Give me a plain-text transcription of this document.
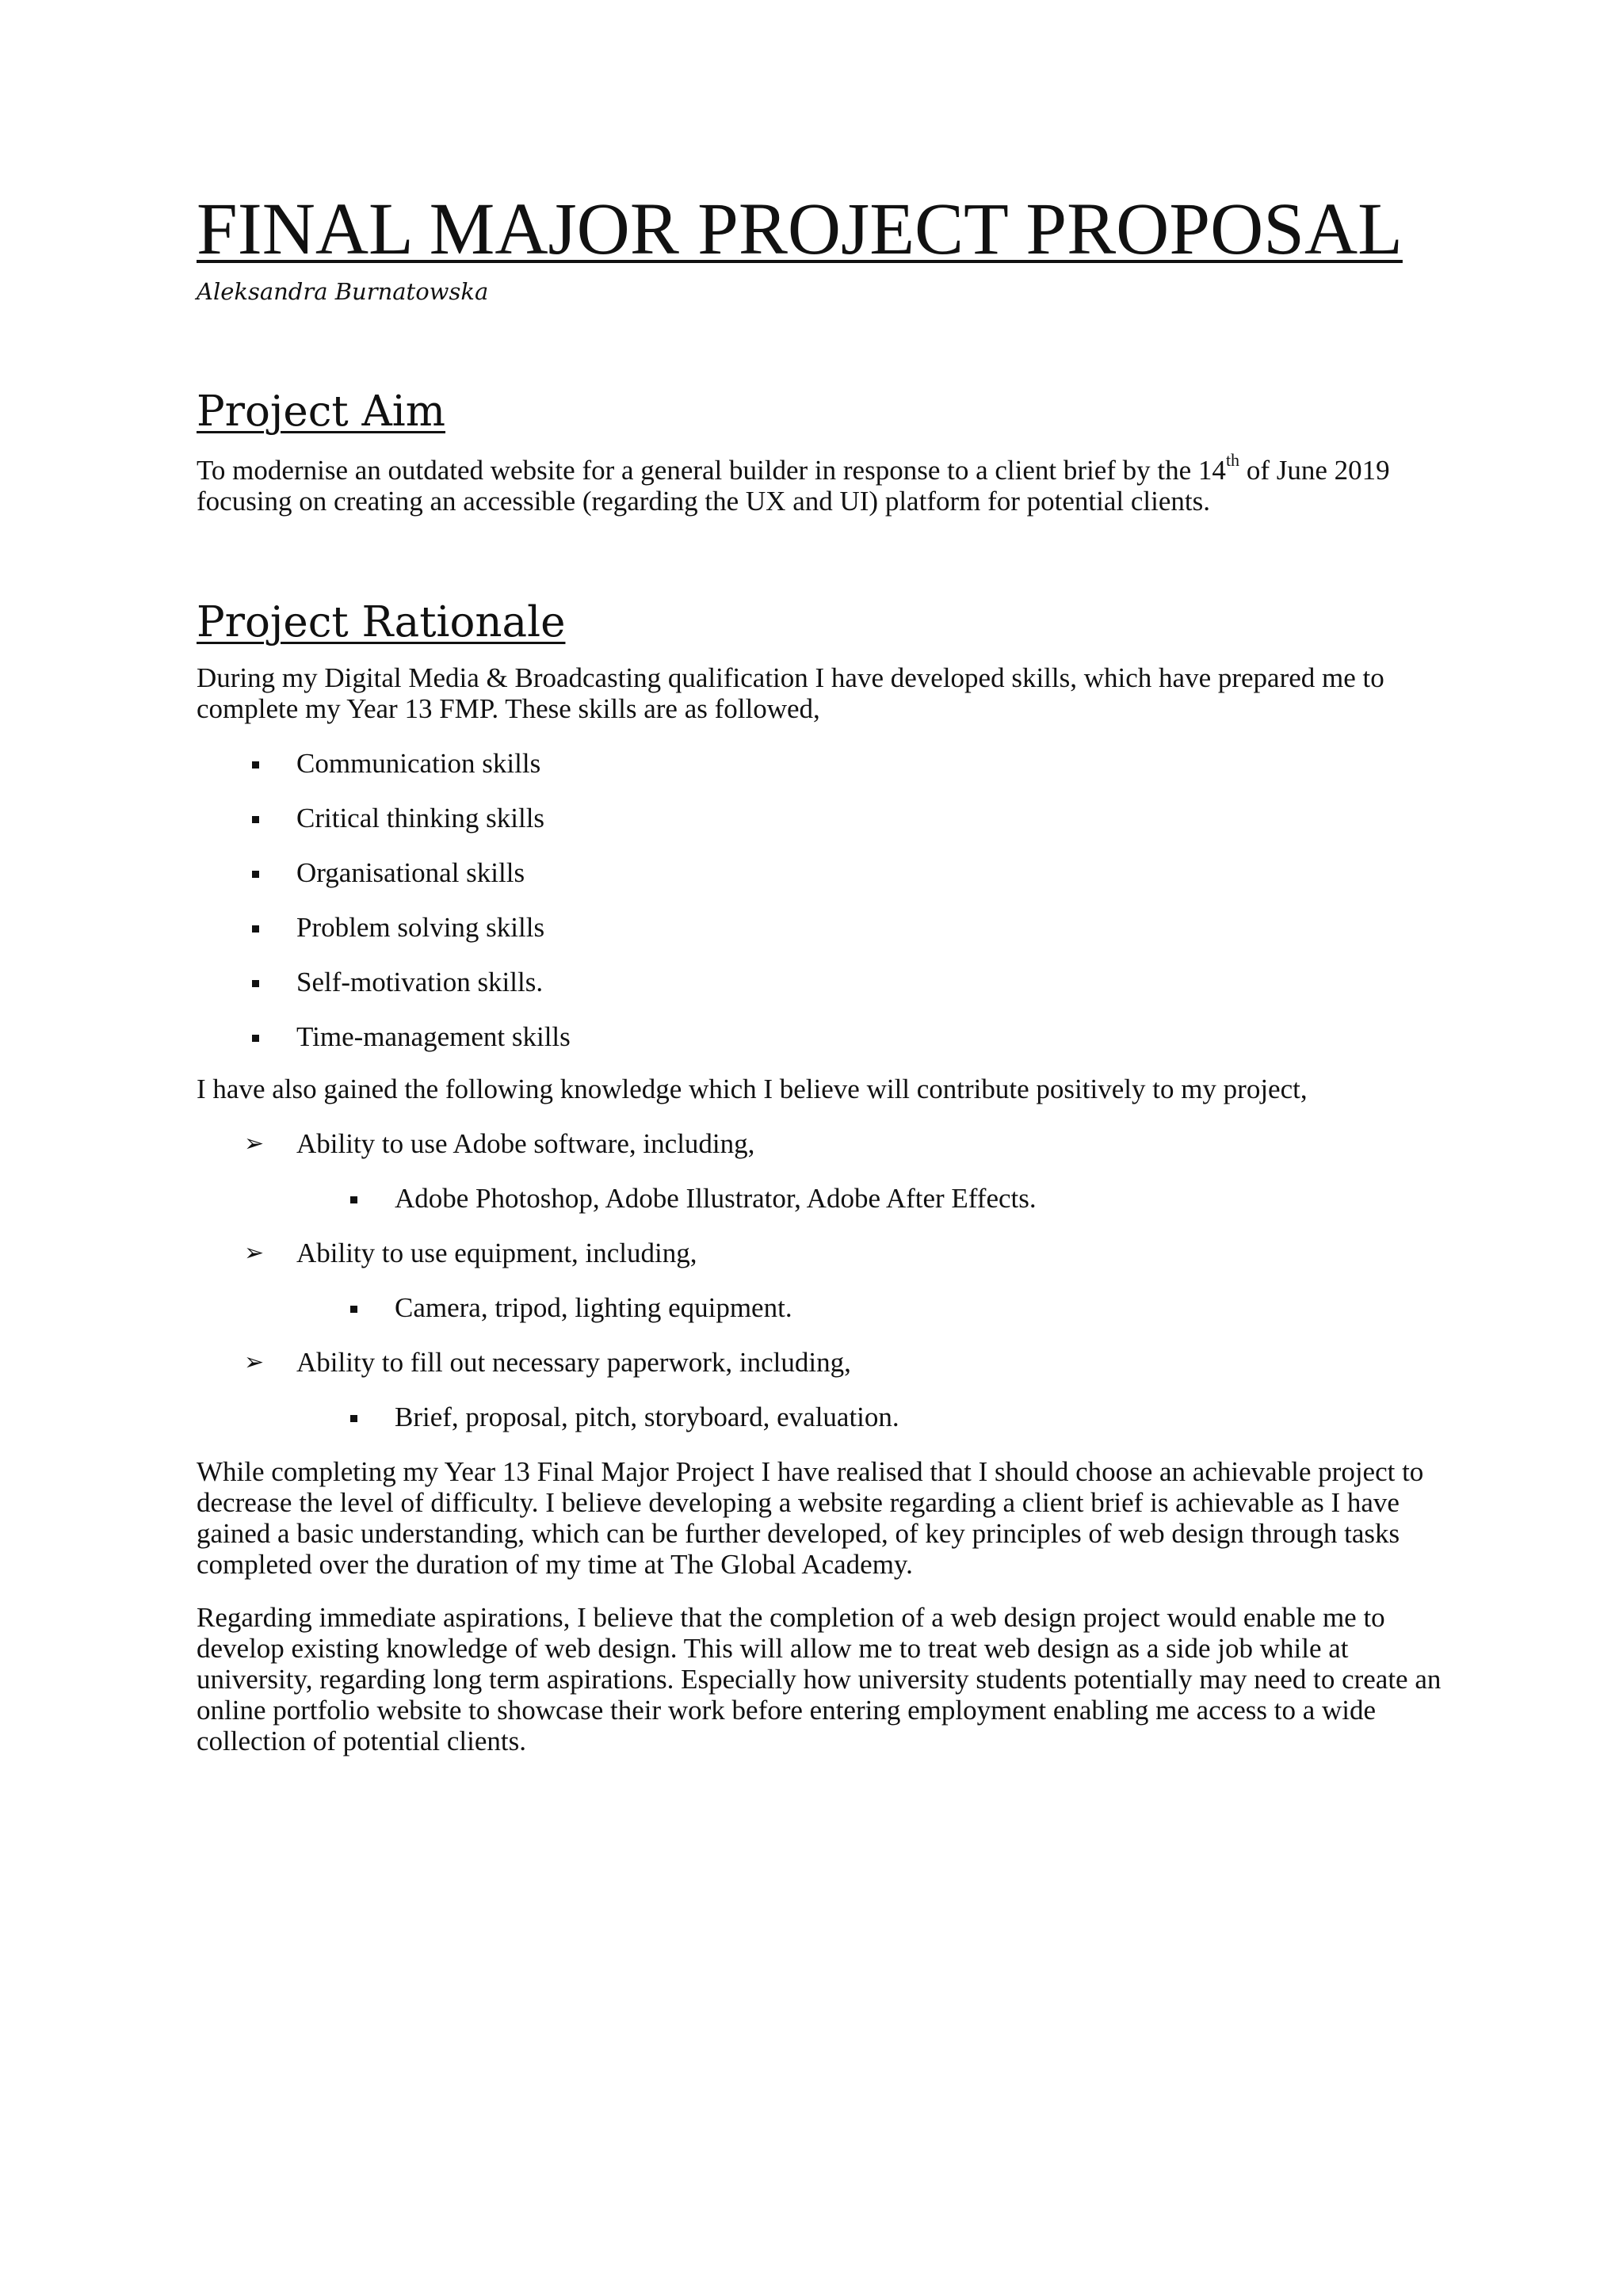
FINAL MAJOR PROJECT PROPOSAL

Aleksandra Burnatowska

Project Aim

To modernise an outdated website for a general builder in response to a client brief by the 14th of June 2019 focusing on creating an accessible (regarding the UX and UI) platform for potential clients.

Project Rationale

During my Digital Media & Broadcasting qualification I have developed skills, which have prepared me to complete my Year 13 FMP. These skills are as followed,

Communication skills
Critical thinking skills
Organisational skills
Problem solving skills
Self-motivation skills.
Time-management skills

I have also gained the following knowledge which I believe will contribute positively to my project,

➢ Ability to use Adobe software, including,
Adobe Photoshop, Adobe Illustrator, Adobe After Effects.
➢ Ability to use equipment, including,
Camera, tripod, lighting equipment.
➢ Ability to fill out necessary paperwork, including,
Brief, proposal, pitch, storyboard, evaluation.

While completing my Year 13 Final Major Project I have realised that I should choose an achievable project to decrease the level of difficulty. I believe developing a website regarding a client brief is achievable as I have gained a basic understanding, which can be further developed, of key principles of web design through tasks completed over the duration of my time at The Global Academy.

Regarding immediate aspirations, I believe that the completion of a web design project would enable me to develop existing knowledge of web design. This will allow me to treat web design as a side job while at university, regarding long term aspirations. Especially how university students potentially may need to create an online portfolio website to showcase their work before entering employment enabling me access to a wide collection of potential clients.
